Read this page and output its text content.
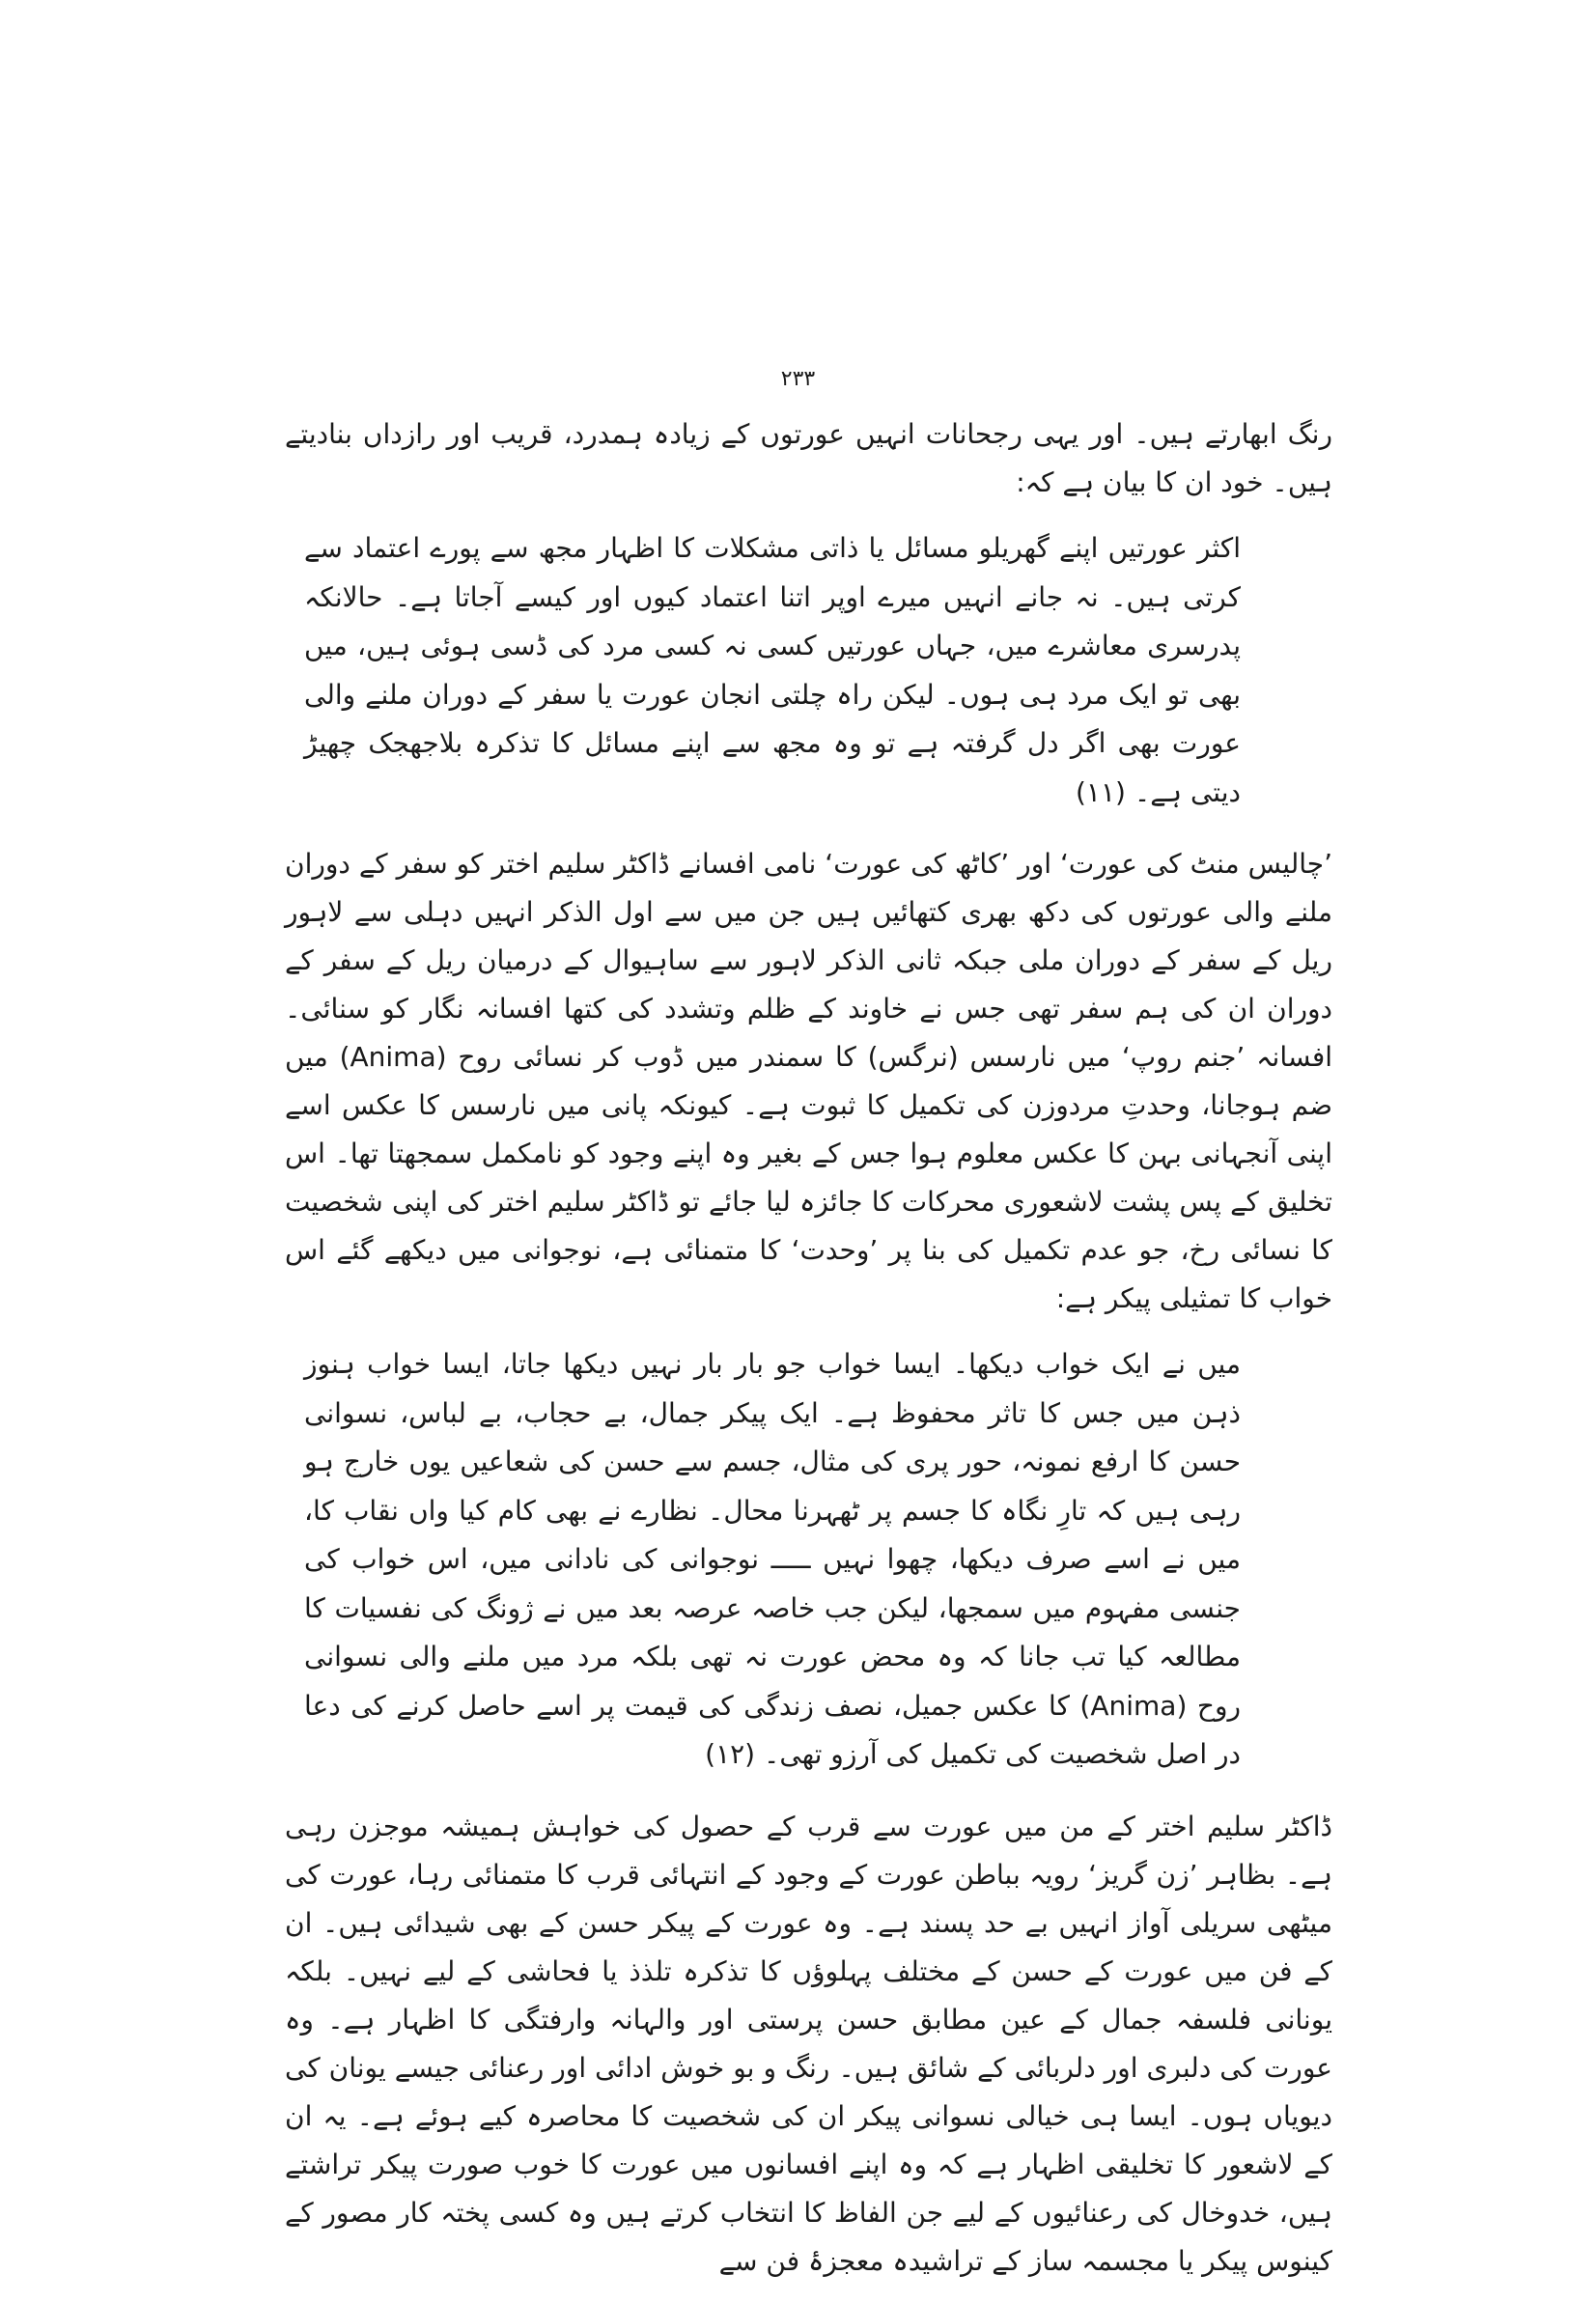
۲۳۳

رنگ ابھارتے ہیں۔ اور یہی رجحانات انہیں عورتوں کے زیادہ ہمدرد، قریب اور رازداں بنادیتے ہیں۔ خود ان کا بیان ہے کہ:

اکثر عورتیں اپنے گھریلو مسائل یا ذاتی مشکلات کا اظہار مجھ سے پورے اعتماد سے کرتی ہیں۔ نہ جانے انہیں میرے اوپر اتنا اعتماد کیوں اور کیسے آجاتا ہے۔ حالانکہ پدرسری معاشرے میں، جہاں عورتیں کسی نہ کسی مرد کی ڈسی ہوئی ہیں، میں بھی تو ایک مرد ہی ہوں۔ لیکن راہ چلتی انجان عورت یا سفر کے دوران ملنے والی عورت بھی اگر دل گرفتہ ہے تو وہ مجھ سے اپنے مسائل کا تذکرہ بلاجھجک چھیڑ دیتی ہے۔ (۱۱)

’چالیس منٹ کی عورت‘ اور ’کاٹھ کی عورت‘ نامی افسانے ڈاکٹر سلیم اختر کو سفر کے دوران ملنے والی عورتوں کی دکھ بھری کتھائیں ہیں جن میں سے اول الذکر انہیں دہلی سے لاہور ریل کے سفر کے دوران ملی جبکہ ثانی الذکر لاہور سے ساہیوال کے درمیان ریل کے سفر کے دوران ان کی ہم سفر تھی جس نے خاوند کے ظلم وتشدد کی کتھا افسانہ نگار کو سنائی۔ افسانہ ’جنم روپ‘ میں نارسس (نرگس) کا سمندر میں ڈوب کر نسائی روح (Anima) میں ضم ہوجانا، وحدتِ مردوزن کی تکمیل کا ثبوت ہے۔ کیونکہ پانی میں نارسس کا عکس اسے اپنی آنجہانی بہن کا عکس معلوم ہوا جس کے بغیر وہ اپنے وجود کو نامکمل سمجھتا تھا۔ اس تخلیق کے پس پشت لاشعوری محرکات کا جائزہ لیا جائے تو ڈاکٹر سلیم اختر کی اپنی شخصیت کا نسائی رخ، جو عدم تکمیل کی بنا پر ’وحدت‘ کا متمنائی ہے، نوجوانی میں دیکھے گئے اس خواب کا تمثیلی پیکر ہے:

میں نے ایک خواب دیکھا۔ ایسا خواب جو بار بار نہیں دیکھا جاتا، ایسا خواب ہنوز ذہن میں جس کا تاثر محفوظ ہے۔ ایک پیکر جمال، بے حجاب، بے لباس، نسوانی حسن کا ارفع نمونہ، حور پری کی مثال، جسم سے حسن کی شعاعیں یوں خارج ہو رہی ہیں کہ تارِ نگاہ کا جسم پر ٹھہرنا محال۔ نظارے نے بھی کام کیا واں نقاب کا، میں نے اسے صرف دیکھا، چھوا نہیں ـــــ نوجوانی کی نادانی میں، اس خواب کی جنسی مفہوم میں سمجھا، لیکن جب خاصہ عرصہ بعد میں نے ژونگ کی نفسیات کا مطالعہ کیا تب جانا کہ وہ محض عورت نہ تھی بلکہ مرد میں ملنے والی نسوانی روح (Anima) کا عکس جمیل، نصف زندگی کی قیمت پر اسے حاصل کرنے کی دعا در اصل شخصیت کی تکمیل کی آرزو تھی۔ (۱۲)

ڈاکٹر سلیم اختر کے من میں عورت سے قرب کے حصول کی خواہش ہمیشہ موجزن رہی ہے۔ بظاہر ’زن گریز‘ رویہ بباطن عورت کے وجود کے انتہائی قرب کا متمنائی رہا، عورت کی میٹھی سریلی آواز انہیں بے حد پسند ہے۔ وہ عورت کے پیکر حسن کے بھی شیدائی ہیں۔ ان کے فن میں عورت کے حسن کے مختلف پہلوؤں کا تذکرہ تلذذ یا فحاشی کے لیے نہیں۔ بلکہ یونانی فلسفہ جمال کے عین مطابق حسن پرستی اور والہانہ وارفتگی کا اظہار ہے۔ وہ عورت کی دلبری اور دلربائی کے شائق ہیں۔ رنگ و بو خوش ادائی اور رعنائی جیسے یونان کی دیویاں ہوں۔ ایسا ہی خیالی نسوانی پیکر ان کی شخصیت کا محاصرہ کیے ہوئے ہے۔ یہ ان کے لاشعور کا تخلیقی اظہار ہے کہ وہ اپنے افسانوں میں عورت کا خوب صورت پیکر تراشتے ہیں، خدوخال کی رعنائیوں کے لیے جن الفاظ کا انتخاب کرتے ہیں وہ کسی پختہ کار مصور کے کینوس پیکر یا مجسمہ ساز کے تراشیدہ معجزۂ فن سے
